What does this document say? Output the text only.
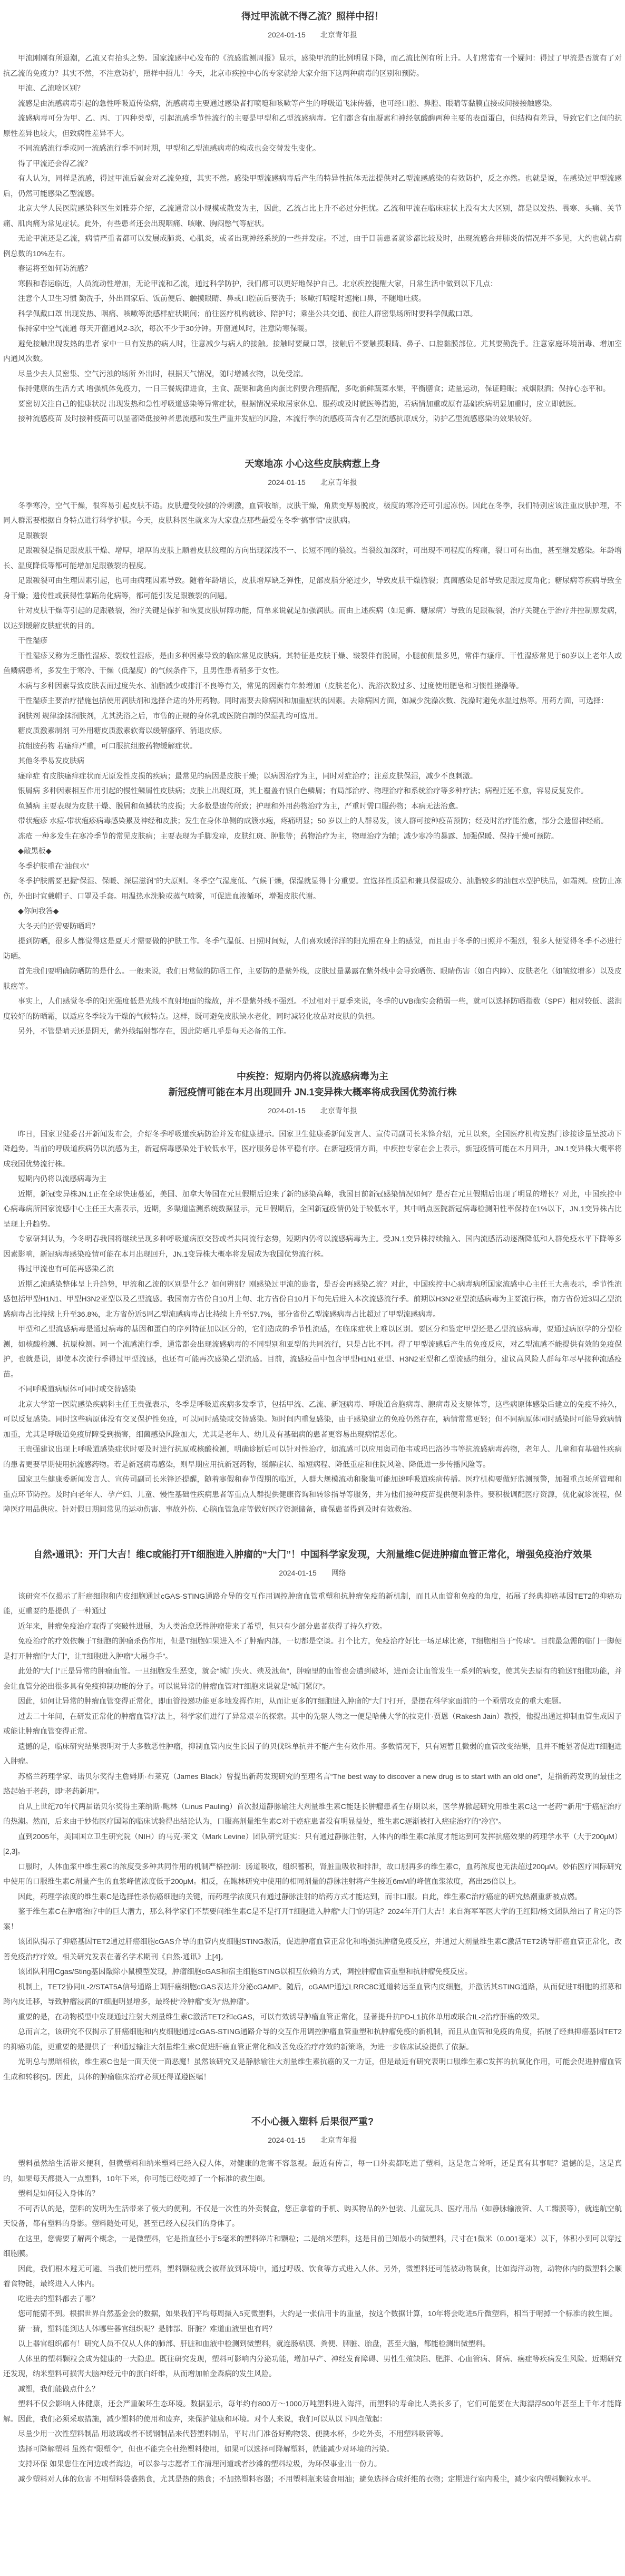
得过甲流就不得乙流？照样中招！
2024-01-15 北京青年报

甲流刚刚有所退潮，乙流又有抬头之势。国家流感中心发布的《流感监测周报》显示，感染甲流的比例明显下降，而乙流比例有所上升。人们常常有一个疑问：得过了甲流是否就有了对抗乙流的免疫力？其实不然，不注意防护，照样中招儿！今天，北京市疾控中心的专家就给大家介绍下这两种病毒的区别和预防。

甲流、乙流啥区别？

流感是由流感病毒引起的急性呼吸道传染病，流感病毒主要通过感染者打喷嚏和咳嗽等产生的呼吸道飞沫传播，也可经口腔、鼻腔、眼睛等黏膜直接或间接接触感染。

流感病毒可分为甲、乙、丙、丁四种类型，引起流感季节性流行的主要是甲型和乙型流感病毒。它们都含有血凝素和神经氨酸酶两种主要的表面蛋白，但结构有差异，导致它们之间的抗原性差异也较大，但致病性差异不大。

不同流感流行季或同一流感流行季不同时期，甲型和乙型流感病毒的构成也会交替发生变化。

得了甲流还会得乙流？

有人认为，同样是流感，得过甲流后就会对乙流免疫，其实不然。感染甲型流感病毒后产生的特异性抗体无法提供对乙型流感感染的有效防护，反之亦然。也就是说，在感染过甲型流感后，仍然可能感染乙型流感。

北京大学人民医院感染科医生刘雅芬介绍，乙流通常以小规模或散发为主，因此，乙流占比上升不必过分担忧。乙流和甲流在临床症状上没有太大区别，都是以发热、畏寒、头痛、关节痛、肌肉痛为常见症状。此外，有些患者还会出现咽痛、咳嗽、胸闷憋气等症状。

无论甲流还是乙流，病情严重者都可以发展成肺炎、心肌炎，或者出现神经系统的一些并发症。不过，由于目前患者就诊都比较及时，出现流感合并肺炎的情况并不多见，大约也就占病例总数的10%左右。

春运将至如何防流感？

寒假和春运临近，人员流动性增加，无论甲流和乙流，通过科学防护，我们都可以更好地保护自己。北京疾控提醒大家，日常生活中做到以下几点：

注意个人卫生习惯 勤洗手，外出回家后、饭前便后、触摸眼睛、鼻或口腔前后要洗手；咳嗽打喷嚏时遮掩口鼻，不随地吐痰。

科学佩戴口罩 出现发热、咽痛、咳嗽等流感样症状期间；前往医疗机构就诊、陪护时；乘坐公共交通、前往人群密集场所时要科学佩戴口罩。

保持家中空气流通 每天开窗通风2-3次，每次不少于30分钟。开窗通风时，注意防寒保暖。

避免接触出现发热的患者 家中一旦有发热的病人时，注意减少与病人的接触。接触时要戴口罩，接触后不要触摸眼睛、鼻子、口腔黏膜部位。尤其要勤洗手。注意家庭环境消毒、增加室内通风次数。

尽量少去人员密集、空气污浊的场所 外出时，根据天气情况，随时增减衣物，以免受凉。

保持健康的生活方式 增强机体免疫力，一日三餐规律进食，主食、蔬果和禽鱼肉蛋比例要合理搭配，多吃新鲜蔬菜水果，平衡膳食；适量运动，保证睡眠；戒烟限酒；保持心态平和。

要密切关注自己的健康状况 出现发热和急性呼吸道感染等异常症状，根据情况采取居家休息、服药或及时就医等措施，若病情加重或原有基础疾病明显加重时，应立即就医。

接种流感疫苗 及时接种疫苗可以显著降低接种者患流感和发生严重并发症的风险，本流行季的流感疫苗含有乙型流感抗原成分，防护乙型流感感染的效果较好。

天寒地冻 小心这些皮肤病惹上身
2024-01-15 北京青年报

冬季寒冷，空气干燥，很容易引起皮肤不适。皮肤遭受较强的冷刺激，血管收缩，皮肤干燥，角质变厚易脱皮，极度的寒冷还可引起冻伤。因此在冬季，我们特别应该注重皮肤护理，不同人群需要根据自身特点进行科学护肤。今天，皮肤科医生就来为大家盘点那些最爱在冬季“搞事情”皮肤病。

足跟皲裂

足跟皲裂是指足跟皮肤干燥、增厚，增厚的皮肤上顺着皮肤纹理的方向出现深浅不一、长短不同的裂纹。当裂纹加深时，可出现不同程度的疼痛，裂口可有出血，甚至继发感染。年龄增长、温度降低等都可能增加足跟皲裂的程度。

足跟皲裂可由生理因素引起，也可由病理因素导致。随着年龄增长，皮肤增厚缺乏弹性，足部皮脂分泌过少，导致皮肤干燥脆裂；真菌感染足部导致足跟过度角化；糖尿病等疾病导致全身干燥；遗传性或获得性掌跖角化病等，都可能引发足跟皲裂的问题。

针对皮肤干燥等引起的足跟皲裂，治疗关键是保护和恢复皮肤屏障功能，简单来说就是加强润肤。而由上述疾病（如足癣、糖尿病）导致的足跟皲裂，治疗关键在于治疗并控制原发病，以达到缓解皮肤症状的目的。

干性湿疹

干性湿疹又称为乏脂性湿疹、裂纹性湿疹，是由多种因素导致的临床常见皮肤病。其特征是皮肤干燥、皲裂伴有脱屑，小腿前侧最多见，常伴有瘙痒。干性湿疹常见于60岁以上老年人或鱼鳞病患者，多发生于寒冷、干燥（低湿度）的气候条件下，且男性患者稍多于女性。

本病与多种因素导致皮肤表面过度失水、油脂减少或排汗不良等有关，常见的因素有年龄增加（皮肤老化）、洗浴次数过多、过度使用肥皂和习惯性搓澡等。

干性湿疹主要治疗措施包括使用润肤剂和选择合适的外用药物。同时需要去除病因和加重症状的因素。去除病因方面，如减少洗澡次数、洗澡时避免水温过热等。用药方面，可选择：

润肤剂 规律涂抹润肤剂，尤其洗浴之后，市售的正规的身体乳或医院自制的保湿乳均可选用。

糖皮质激素制剂 可外用糖皮质激素软膏以缓解瘙痒、消退皮疹。

抗组胺药物 若瘙痒严重，可口服抗组胺药物缓解症状。

其他冬季易发皮肤病

瘙痒症 有皮肤瘙痒症状而无原发性皮损的疾病；最常见的病因是皮肤干燥；以病因治疗为主，同时对症治疗；注意皮肤保湿，减少不良刺激。

银屑病 多种因素相互作用引起的慢性鳞屑性皮肤病；皮肤上出现红斑，其上覆盖有银白色鳞屑；有局部治疗、物理治疗和系统治疗等多种疗法；病程迁延不愈，容易反复发作。

鱼鳞病 主要表现为皮肤干燥、脱屑和鱼鳞状的皮损；大多数是遗传所致；护理和外用药物治疗为主，严重时需口服药物；本病无法治愈。

带状疱疹 水痘-带状疱疹病毒感染累及神经和皮肤；发生在身体单侧的成簇水疱，疼痛明显；50 岁以上的人群易发，该人群可接种疫苗预防；经及时治疗能治愈，部分会遗留神经痛。

冻疮 一种多发生在寒冷季节的常见皮肤病；主要表现为手脚发痒，皮肤红斑、肿胀等；药物治疗为主，物理治疗为辅；减少寒冷的暴露、加强保暖、保持干燥可预防。

◆敲黑板◆

冬季护肤重在“油包水”

冬季护肤需要把握“保湿、保暖、深层滋润”的大原则。冬季空气湿度低、气候干燥，保湿就显得十分重要。宜选择性质温和兼具保湿成分、油脂较多的油包水型护肤品，如霜剂。应防止冻伤，外出时宜戴帽子、口罩及手套。用温热水洗脸或蒸气喷雾，可促进血液循环，增强皮肤代谢。

◆你问我答◆

大冬天的还需要防晒吗？

提到防晒，很多人都觉得这是夏天才需要做的护肤工作。冬季气温低、日照时间短，人们喜欢暖洋洋的阳光照在身上的感觉，而且由于冬季的日照并不强烈，很多人便觉得冬季不必进行防晒。

首先我们要明确防晒防的是什么。一般来说，我们日常做的防晒工作，主要防的是紫外线，皮肤过量暴露在紫外线中会导致晒伤、眼睛伤害（如白内障）、皮肤老化（如皱纹增多）以及皮肤癌等。

事实上，人们感觉冬季的阳光强度低是光线不直射地面的缘故，并不是紫外线不强烈。不过相对于夏季来说，冬季的UVB确实会稍弱一些，就可以选择防晒指数（SPF）相对较低、滋润度较好的防晒霜，以适应冬季较为干燥的气候特点。这样，既可避免皮肤缺水老化，同时减轻化妆品对皮肤的负担。

另外，不管是晴天还是阴天，紫外线辐射都存在，因此防晒几乎是每天必备的工作。

中疾控：短期内仍将以流感病毒为主
新冠疫情可能在本月出现回升 JN.1变异株大概率将成我国优势流行株
2024-01-15 北京青年报

昨日，国家卫健委召开新闻发布会，介绍冬季呼吸道疾病防治并发布健康提示。国家卫生健康委新闻发言人、宣传司副司长米锋介绍，元旦以来，全国医疗机构发热门诊接诊量呈波动下降趋势。当前的呼吸道疾病仍以流感为主，新冠病毒感染处于较低水平，医疗服务总体平稳有序。在新冠疫情方面，中疾控专家在会上表示，新冠疫情可能在本月回升，JN.1变异株大概率将成我国优势流行株。

短期内仍将以流感病毒为主

近期，新冠变异株JN.1正在全球快速蔓延，美国、加拿大等国在元旦假期后迎来了新的感染高峰，我国目前新冠感染情况如何？是否在元旦假期后出现了明显的增长？对此，中国疾控中心病毒病所国家流感中心主任王大燕表示，近期，多渠道监测系统数据显示，元旦假期后，全国新冠疫情仍处于较低水平，其中哨点医院新冠病毒检测阳性率保持在1%以下，JN.1变异株占比呈现上升趋势。

专家研判认为，今冬明春我国将继续呈现多种呼吸道病原交替或者共同流行态势，短期内仍将以流感病毒为主。受JN.1变异株持续输入、国内流感活动逐渐降低和人群免疫水平下降等多因素影响，新冠病毒感染疫情可能在本月出现回升，JN.1变异株大概率将发展成为我国优势流行株。

得过甲流也有可能再感染乙流

近期乙流感染整体呈上升趋势，甲流和乙流的区别是什么？如何辨别？刚感染过甲流的患者，是否会再感染乙流？对此，中国疾控中心病毒病所国家流感中心主任王大燕表示，季节性流感包括甲型H1N1、甲型H3N2亚型以及乙型流感。我国南方省份自10月上旬、北方省份自10月下旬先后进入本次流感流行季。前期以H3N2亚型流感病毒为主要流行株，南方省份近3周乙型流感病毒占比持续上升至36.8%，北方省份近5周乙型流感病毒占比持续上升至57.7%，部分省份乙型流感病毒占比超过了甲型流感病毒。

甲型和乙型流感病毒是通过病毒的基因和蛋白的序列特征加以区分的，它们造成的季节性流感，在临床症状上难以区别。要区分和鉴定甲型还是乙型流感病毒，要通过病原学的分型检测，如核酸检测、抗原检测。同一个流感流行季，通常都会出现流感病毒的不同型别和亚型的共同流行，只是占比不同。得了甲型流感后产生的免疫反应，对乙型流感不能提供有效的免疫保护，也就是说，即使本次流行季得过甲型流感，也还有可能再次感染乙型流感。目前，流感疫苗中包含甲型H1N1亚型、H3N2亚型和乙型流感的组分，建议高风险人群每年尽早接种流感疫苗。

不同呼吸道病原体可同时或交替感染

北京大学第一医院感染疾病科主任王贵强表示，冬季是呼吸道疾病多发季节，包括甲流、乙流、新冠病毒、呼吸道合胞病毒、腺病毒及支原体等，这些病原体感染后建立的免疫不持久，可以反复感染。同时这些病原体没有交叉保护性免疫，可以同时感染或交替感染。短时间内重复感染，由于感染建立的免疫仍然存在，病情常常更轻；但不同病原体同时感染时可能导致病情加重，尤其是呼吸道免疫屏障受到损害，细菌感染风险加大，尤其是老年人、幼儿及有基础病的患者更容易出现病情恶化。

王贵强建议出现上呼吸道感染症状时要及时进行抗原或核酸检测，明确诊断后可以针对性治疗，如流感可以应用奥司他韦或玛巴洛沙韦等抗流感病毒药物，老年人、儿童和有基础性疾病的患者更要早期使用抗流感药物。若是新冠病毒感染，则早期应用抗新冠药物，缓解症状、缩短病程、降低重症和住院风险、降低进一步传播风险等。

国家卫生健康委新闻发言人、宣传司副司长米锋还提醒，随着寒假和春节假期的临近，人群大规模流动和聚集可能加速呼吸道疾病传播。医疗机构要做好监测预警，加强重点场所管理和重点环节防控。及时向老年人、孕产妇、儿童、慢性基础性疾病患者等重点人群提供健康咨询和转诊指导等服务，并为他们接种疫苗提供便利条件。要积极调配医疗资源，优化就诊流程，保障医疗用品供应。针对假日期间常见的运动伤害、事故外伤、心脑血管急症等做好医疗资源储备，确保患者得到及时有效救治。

自然•通讯》：开门大吉！维C或能打开T细胞进入肿瘤的“大门”！中国科学家发现，大剂量维C促进肿瘤血管正常化，增强免疫治疗效果
2024-01-15 网络

该研究不仅揭示了肝癌细胞和内皮细胞通过cGAS-STING通路介导的交互作用调控肿瘤血管重塑和抗肿瘤免疫的新机制，而且从血管和免疫的角度，拓展了经典抑癌基因TET2的抑癌功能，更重要的是提供了一种通过

近年来，肿瘤免疫治疗取得了突破性进展，为人类治愈恶性肿瘤带来了希望，但只有少部分患者获得了持久疗效。

免疫治疗的疗效依赖于T细胞的肿瘤杀伤作用，但是T细胞如果进入不了肿瘤内部，一切都是空谈。打个比方，免疫治疗好比一场足球比赛，T细胞相当于“传球”。目前最急需的临门一脚便是打开肿瘤的“大门”，让T细胞进入肿瘤“大展身手”。

此处的“大门”正是异常的肿瘤血管。一旦细胞发生恶变，就会“城门失火、殃及池鱼”，肿瘤里的血管也会遭到破坏，进而会让血管发生一系列的病变，使其失去原有的输送T细胞功能，并会让血管分泌出很多具有免疫抑制功能的分子。可以说异常的肿瘤血管对T细胞来说就是“城门紧闭”。

因此，如何让异常的肿瘤血管变得正常化，即血管投递功能更多地发挥作用，从而让更多的T细胞进入肿瘤的“大门”打开，是摆在科学家面前的一个亟需攻克的重大难题。

过去二十年间，在研发正常化的肿瘤血管疗法上，科学家们进行了异常艰辛的探索。其中的先驱人物之一便是哈佛大学的拉克什·贾恩（Rakesh Jain）教授，他提出通过抑制血管生成因子或能让肿瘤血管变得正常。

遗憾的是，临床研究结果表明对于大多数恶性肿瘤，抑制血管内皮生长因子的贝伐珠单抗并不能产生有效作用。多数情况下，只有短暂且微弱的血管改变结果，且并不能显著促进T细胞进入肿瘤。

苏格兰药理学家、诺贝尔奖得主詹姆斯·布莱克（James Black）曾提出新药发现研究的至理名言“The best way to discover a new drug is to start with an old one”，是指新药发现的最佳之路起始于老药，即“老药新用”。

自从上世纪70年代两届诺贝尔奖得主莱纳斯·鲍林（Linus Pauling）首次报道静脉输注大剂量维生素C能延长肿瘤患者生存期以来，医学界掀起研究用维生素C这一“老药”“新用”于癌症治疗的热潮。然而，后来由于妙佑医疗国际的临床试验得出结论认为，口服高剂量维生素C对于癌症患者没有明显益处，维生素C逐渐被打入癌症治疗的“冷宫”。

直到2005年，美国国立卫生研究院（NIH）的马克·莱文（Mark Levine）团队研究证实：只有通过静脉注射，人体内的维生素C浓度才能达到可发挥抗癌效果的药理学水平（大于200μM）[2,3]。

口服时，人体血浆中维生素C的浓度受多种共同作用的机制严格控制：肠道吸收，组织蓄积，肾脏重吸收和排泄，故口服再多的维生素C，血药浓度也无法超过200μM。妙佑医疗国际研究中使用的口服维生素C剂量产生的血浆峰值浓度低于200μM。相反，在鲍林研究中使用的相同剂量的静脉注射将产生接近6mM的峰值血浆浓度，高出25倍以上。

因此，药理学浓度的维生素C是选择性杀伤癌细胞的关键，而药理学浓度只有通过静脉注射的给药方式才能达到，而非口服。自此，维生素C治疗癌症的研究热潮重新被点燃。

鉴于维生素C在肿瘤治疗中的巨大潜力，那么科学家们不禁要问维生素C是不是打开T细胞进入肿瘤“大门”的钥匙？2024年开门大吉！来自海军军医大学的王红阳/杨文团队给出了肯定的答案！

该团队揭示了抑癌基因TET2通过肝癌细胞cGAS介导的血管内皮细胞STING激活，促进肿瘤血管正常化和增强抗肿瘤免疫反应，并通过大剂量维生素C激活TET2诱导肝癌血管正常化，改善免疫治疗疗效。相关研究发表在著名学术期刊《自然·通讯》上[4]。

该团队利用Cgas/Sting基因敲除小鼠模型发现，肿瘤细胞cGAS和宿主细胞STING以相互依赖的方式，调控肿瘤血管重塑和抗肿瘤免疫反应。

机制上，TET2协同IL-2/STAT5A信号通路上调肝癌细胞cGAS表达并分泌cGAMP。随后，cGAMP通过LRRC8C通道转运至血管内皮细胞，并激活其STING通路，从而促进T细胞的招募和跨内皮迁移，导致肿瘤浸润的T细胞明显增多，最终使“冷肿瘤”变为“热肿瘤”。

重要的是，在动物模型中发现通过注射大剂量维生素C激活TET2和cGAS，可以有效诱导肿瘤血管正常化，显著提升抗PD-L1抗体单用或联合IL-2治疗肝癌的效果。

总而言之，该研究不仅揭示了肝癌细胞和内皮细胞通过cGAS-STING通路介导的交互作用调控肿瘤血管重塑和抗肿瘤免疫的新机制，而且从血管和免疫的角度，拓展了经典抑癌基因TET2的抑癌功能，更重要的是提供了一种通过输注大剂量维生素C促进肝癌血管正常化和改善免疫治疗疗效的新策略，为进一步临床试验提供了依据。

光明总与黑暗相依，维生素C也是一面天使一面恶魔！虽然该研究又是静脉输注大剂量维生素抗癌的又一力证，但是最近有研究表明口服维生素C发挥的抗氧化作用，可能会促进肿瘤血管生成和转移[5]。因此，具体的肿瘤临床治疗必须还得谨遵医嘱！

不小心摄入塑料 后果很严重?
2024-01-15 北京青年报

塑料虽然给生活带来便利，但微塑料和纳米塑料已经入侵人体，对健康的危害不容忽视。最近有传言，每一口外卖都吃进了塑料，这是危言耸听，还是真有其事呢？遗憾的是，这是真的，如果每天都摄入一点塑料，10年下来，你可能已经吃掉了一个标准的救生圈。

塑料是如何侵入身体的？

不可否认的是，塑料的发明为生活带来了极大的便利。不仅是一次性的外卖餐盒，您正拿着的手机、购买物品的外包装、儿童玩具、医疗用品（如静脉输液管、人工瓣膜等），就连航空航天设备，都有塑料的身影。塑料随处可见，甚至已经入侵我们的身体了。

在这里，您需要了解两个概念，一是微塑料，它是指直径小于5毫米的塑料碎片和颗粒；二是纳米塑料，这是目前已知最小的微塑料，尺寸在1微米（0.001毫米）以下，体积小到可以穿过细胞膜。

因此，我们根本避无可避。当我们使用塑料，塑料颗粒就会被释放到环境中，通过呼吸、饮食等方式进入人体。另外，微塑料还可能被动物误食，比如海洋动物，动物体内的微塑料会顺着食物链，最终进入人体内。

吃进去的塑料都去了哪？

您可能猜不到。根据世界自然基金会的数据，如果我们平均每周摄入5克微塑料，大约是一张信用卡的重量，按这个数据计算，10年将会吃进5斤微塑料，相当于啃掉一个标准的救生圈。

猜一猜，塑料能到达人体哪些器官组织呢？是肺部、肝脏？难道血液里也有吗？

以上器官组织都有！研究人员不仅从人体的肺部、肝脏和血液中检测到微塑料，就连肠粘膜、粪便、脾脏、胎盘，甚至大脑，都能检测出微塑料。

人体里的塑料颗粒会成为健康的一大隐患。既往研究发现，塑料可影响内分泌功能，增加早产、神经发育障碍、男性生殖缺陷、肥胖、心血管病、肾病、癌症等疾病发生风险。近期研究还发现，纳米塑料可损害大脑神经元中的蛋白纤维，从而增加帕金森病的发生风险。

减塑，我们能做点什么？

塑料不仅会影响人体健康，还会严重破坏生态环境。数据显示，每年约有800万～1000万吨塑料进入海洋，而塑料的寿命比人类长多了，它们可能要在大海漂浮500年甚至上千年才能降解。因此，我们必须采取措施，减少塑料的使用和废弃，来保护健康和环境。对个人来说，我们可以从以下四点做起：

尽量少用一次性塑料制品 用玻璃或者不锈钢制品来代替塑料制品，平时出门准备好购物袋、便携水杯，少吃外卖，不用塑料吸管等。

选择可降解塑料 虽然有“限塑令”，但也不能完全杜绝塑料使用，如果可以选择可降解塑料，就能减少对环境的污染。

支持环保 如果您住在河边或者海边，可以参与志愿者工作清理河道或者沙滩的塑料垃圾，为环保事业出一份力。

减少塑料对人体的危害 不用塑料袋盛熟食，尤其是热的熟食；不加热塑料容器；不用塑料瓶来装食用油；避免选择合成纤维的衣物；定期进行室内吸尘，减少室内塑料颗粒水平。
